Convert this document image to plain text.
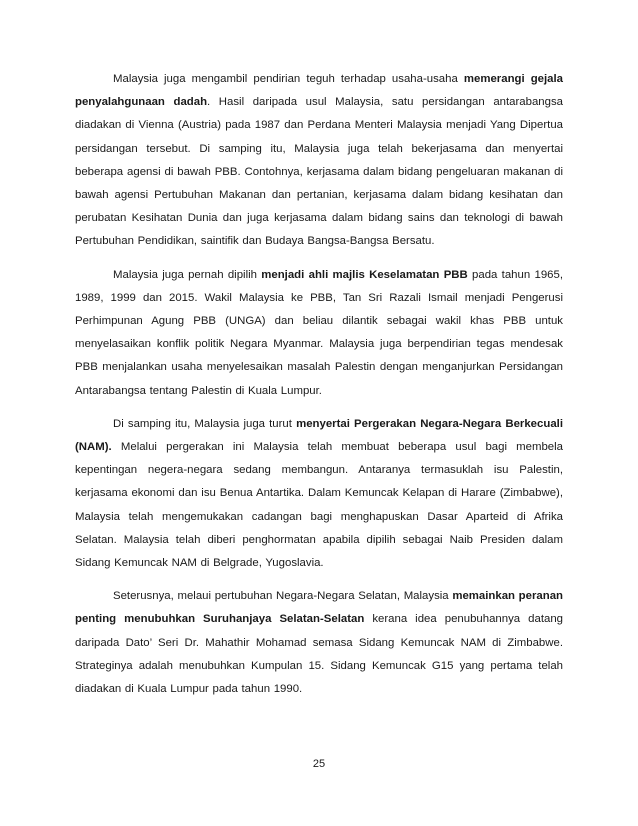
Malaysia juga mengambil pendirian teguh terhadap usaha-usaha memerangi gejala penyalahgunaan dadah. Hasil daripada usul Malaysia, satu persidangan antarabangsa diadakan di Vienna (Austria) pada 1987 dan Perdana Menteri Malaysia menjadi Yang Dipertua persidangan tersebut. Di samping itu, Malaysia juga telah bekerjasama dan menyertai beberapa agensi di bawah PBB. Contohnya, kerjasama dalam bidang pengeluaran makanan di bawah agensi Pertubuhan Makanan dan pertanian, kerjasama dalam bidang kesihatan dan perubatan Kesihatan Dunia dan juga kerjasama dalam bidang sains dan teknologi di bawah Pertubuhan Pendidikan, saintifik dan Budaya Bangsa-Bangsa Bersatu.

Malaysia juga pernah dipilih menjadi ahli majlis Keselamatan PBB pada tahun 1965, 1989, 1999 dan 2015. Wakil Malaysia ke PBB, Tan Sri Razali Ismail menjadi Pengerusi Perhimpunan Agung PBB (UNGA) dan beliau dilantik sebagai wakil khas PBB untuk menyelasaikan konflik politik Negara Myanmar. Malaysia juga berpendirian tegas mendesak PBB menjalankan usaha menyelesaikan masalah Palestin dengan menganjurkan Persidangan Antarabangsa tentang Palestin di Kuala Lumpur.

Di samping itu, Malaysia juga turut menyertai Pergerakan Negara-Negara Berkecuali (NAM). Melalui pergerakan ini Malaysia telah membuat beberapa usul bagi membela kepentingan negera-negara sedang membangun. Antaranya termasuklah isu Palestin, kerjasama ekonomi dan isu Benua Antartika. Dalam Kemuncak Kelapan di Harare (Zimbabwe), Malaysia telah mengemukakan cadangan bagi menghapuskan Dasar Aparteid di Afrika Selatan. Malaysia telah diberi penghormatan apabila dipilih sebagai Naib Presiden dalam Sidang Kemuncak NAM di Belgrade, Yugoslavia.

Seterusnya, melaui pertubuhan Negara-Negara Selatan, Malaysia memainkan peranan penting menubuhkan Suruhanjaya Selatan-Selatan kerana idea penubuhannya datang daripada Dato’ Seri Dr. Mahathir Mohamad semasa Sidang Kemuncak NAM di Zimbabwe. Strateginya adalah menubuhkan Kumpulan 15. Sidang Kemuncak G15 yang pertama telah diadakan di Kuala Lumpur pada tahun 1990.

25
